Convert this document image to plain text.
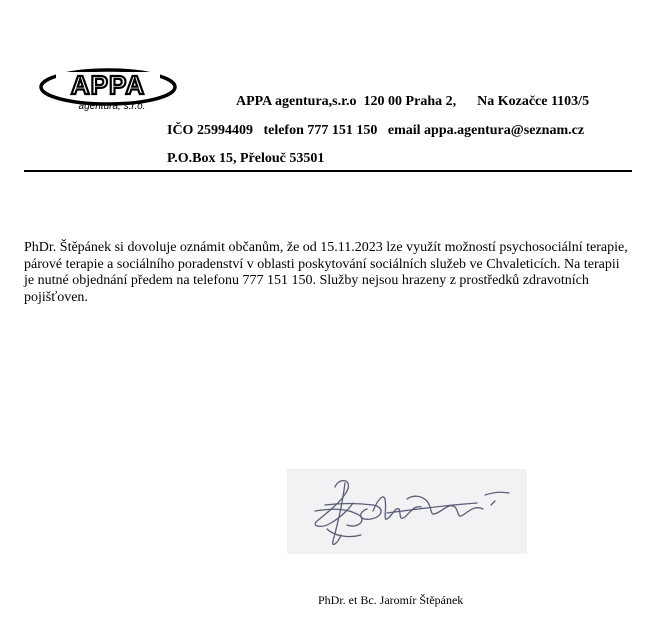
APPA
agentura, s.r.o.	APPA agentura,s.r.o  120 00 Praha 2,      Na Kozačce 1103/5
IČO 25994409   telefon 777 151 150   email appa.agentura@seznam.cz
P.O.Box 15, Přelouč 53501
PhDr. Štěpánek si dovoluje oznámit občanům, že od 15.11.2023 lze využít možností psychosociální terapie, párové terapie a sociálního poradenství v oblasti poskytování sociálních služeb ve Chvaleticích. Na terapii je nutné objednání předem na telefonu 777 151 150. Služby nejsou hrazeny z prostředků zdravotních pojišťoven.
PhDr. et Bc. Jaromír Štěpánek
